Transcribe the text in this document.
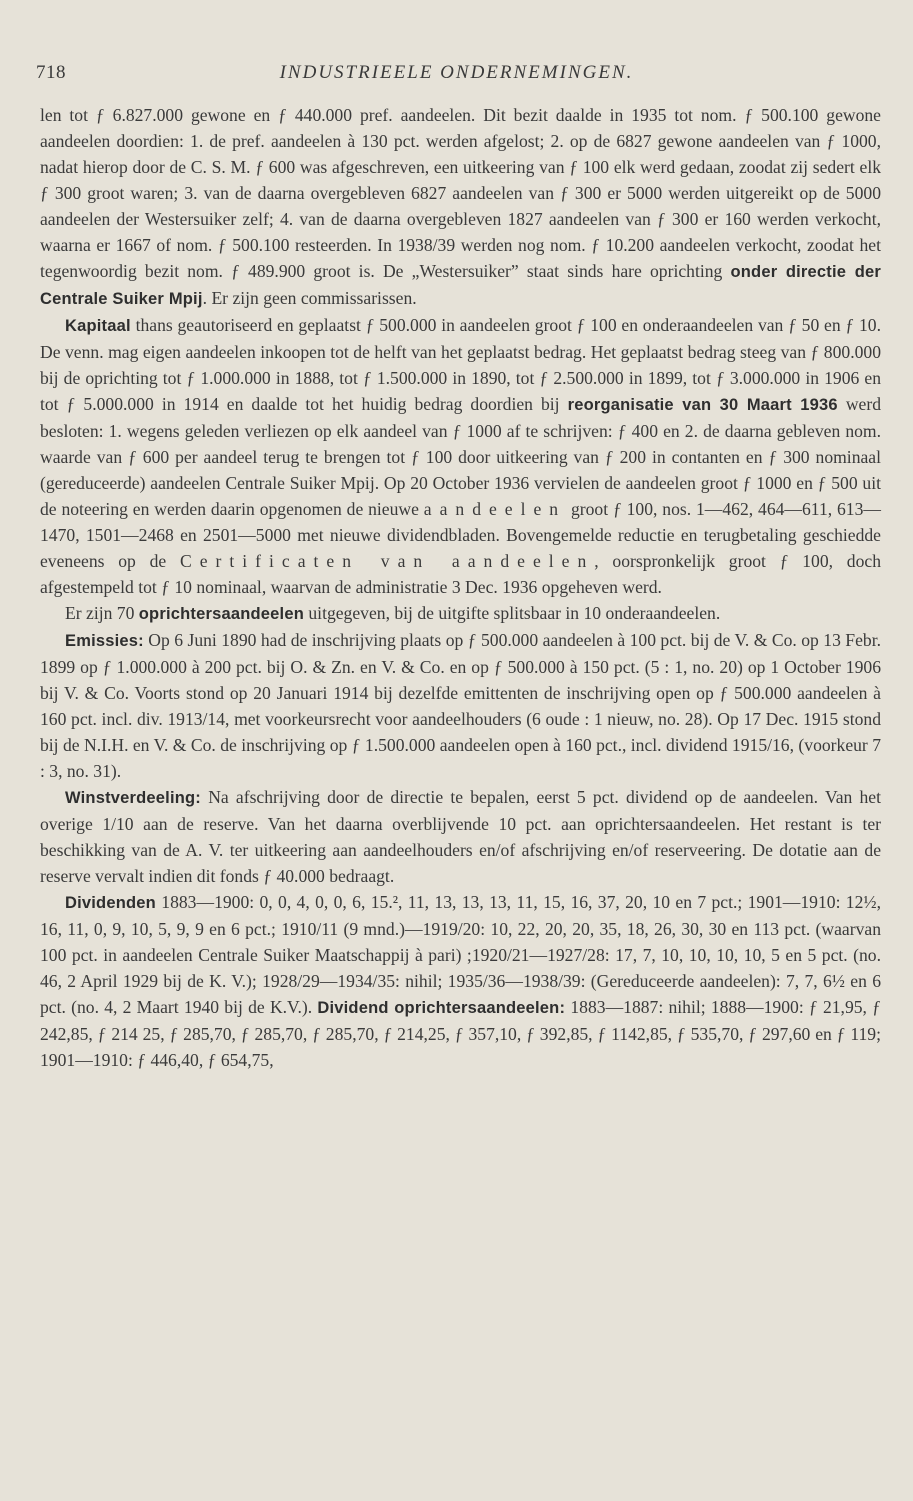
718	INDUSTRIEELE ONDERNEMINGEN.

len tot ƒ 6.827.000 gewone en ƒ 440.000 pref. aandeelen. Dit bezit daalde in 1935 tot nom. ƒ 500.100 gewone aandeelen doordien: 1. de pref. aandeelen à 130 pct. werden afgelost; 2. op de 6827 gewone aandeelen van ƒ 1000, nadat hierop door de C. S. M. ƒ 600 was afgeschreven, een uitkeering van ƒ 100 elk werd gedaan, zoodat zij sedert elk ƒ 300 groot waren; 3. van de daarna overgebleven 6827 aandeelen van ƒ 300 er 5000 werden uitgereikt op de 5000 aandeelen der Westersuiker zelf; 4. van de daarna overgebleven 1827 aandeelen van ƒ 300 er 160 werden verkocht, waarna er 1667 of nom. ƒ 500.100 resteerden. In 1938/39 werden nog nom. ƒ 10.200 aandeelen verkocht, zoodat het tegenwoordig bezit nom. ƒ 489.900 groot is. De „Westersuiker” staat sinds hare oprichting onder directie der Centrale Suiker Mpij. Er zijn geen commissarissen.

Kapitaal thans geautoriseerd en geplaatst ƒ 500.000 in aandeelen groot ƒ 100 en onderaandeelen van ƒ 50 en ƒ 10. De venn. mag eigen aandeelen inkoopen tot de helft van het geplaatst bedrag. Het geplaatst bedrag steeg van ƒ 800.000 bij de oprichting tot ƒ 1.000.000 in 1888, tot ƒ 1.500.000 in 1890, tot ƒ 2.500.000 in 1899, tot ƒ 3.000.000 in 1906 en tot ƒ 5.000.000 in 1914 en daalde tot het huidig bedrag doordien bij reorganisatie van 30 Maart 1936 werd besloten: 1. wegens geleden verliezen op elk aandeel van ƒ 1000 af te schrijven: ƒ 400 en 2. de daarna gebleven nom. waarde van ƒ 600 per aandeel terug te brengen tot ƒ 100 door uitkeering van ƒ 200 in contanten en ƒ 300 nominaal (gereduceerde) aandeelen Centrale Suiker Mpij. Op 20 October 1936 vervielen de aandeelen groot ƒ 1000 en ƒ 500 uit de noteering en werden daarin opgenomen de nieuwe aandeelen groot ƒ 100, nos. 1—462, 464—611, 613—1470, 1501—2468 en 2501—5000 met nieuwe dividendbladen. Bovengemelde reductie en terugbetaling geschiedde eveneens op de Certificaten van aandeelen, oorspronkelijk groot ƒ 100, doch afgestempeld tot ƒ 10 nominaal, waarvan de administratie 3 Dec. 1936 opgeheven werd.

Er zijn 70 oprichtersaandeelen uitgegeven, bij de uitgifte splitsbaar in 10 onderaandeelen.

Emissies: Op 6 Juni 1890 had de inschrijving plaats op ƒ 500.000 aandeelen à 100 pct. bij de V. & Co. op 13 Febr. 1899 op ƒ 1.000.000 à 200 pct. bij O. & Zn. en V. & Co. en op ƒ 500.000 à 150 pct. (5 : 1, no. 20) op 1 October 1906 bij V. & Co. Voorts stond op 20 Januari 1914 bij dezelfde emittenten de inschrijving open op ƒ 500.000 aandeelen à 160 pct. incl. div. 1913/14, met voorkeursrecht voor aandeelhouders (6 oude : 1 nieuw, no. 28). Op 17 Dec. 1915 stond bij de N.I.H. en V. & Co. de inschrijving op ƒ 1.500.000 aandeelen open à 160 pct., incl. dividend 1915/16, (voorkeur 7 : 3, no. 31).

Winstverdeeling: Na afschrijving door de directie te bepalen, eerst 5 pct. dividend op de aandeelen. Van het overige 1/10 aan de reserve. Van het daarna overblijvende 10 pct. aan oprichtersaandeelen. Het restant is ter beschikking van de A. V. ter uitkeering aan aandeelhouders en/of afschrijving en/of reserveering. De dotatie aan de reserve vervalt indien dit fonds ƒ 40.000 bedraagt.

Dividenden 1883—1900: 0, 0, 4, 0, 0, 6, 15.², 11, 13, 13, 13, 11, 15, 16, 37, 20, 10 en 7 pct.; 1901—1910: 12½, 16, 11, 0, 9, 10, 5, 9, 9 en 6 pct.; 1910/11 (9 mnd.)—1919/20: 10, 22, 20, 20, 35, 18, 26, 30, 30 en 113 pct. (waarvan 100 pct. in aandeelen Centrale Suiker Maatschappij à pari) ;1920/21—1927/28: 17, 7, 10, 10, 10, 10, 5 en 5 pct. (no. 46, 2 April 1929 bij de K. V.); 1928/29—1934/35: nihil; 1935/36—1938/39: (Gereduceerde aandeelen): 7, 7, 6½ en 6 pct. (no. 4, 2 Maart 1940 bij de K.V.). Dividend oprichtersaandeelen: 1883—1887: nihil; 1888—1900: ƒ 21,95, ƒ 242,85, ƒ 214 25, ƒ 285,70, ƒ 285,70, ƒ 285,70, ƒ 214,25, ƒ 357,10, ƒ 392,85, ƒ 1142,85, ƒ 535,70, ƒ 297,60 en ƒ 119; 1901—1910: ƒ 446,40, ƒ 654,75,
